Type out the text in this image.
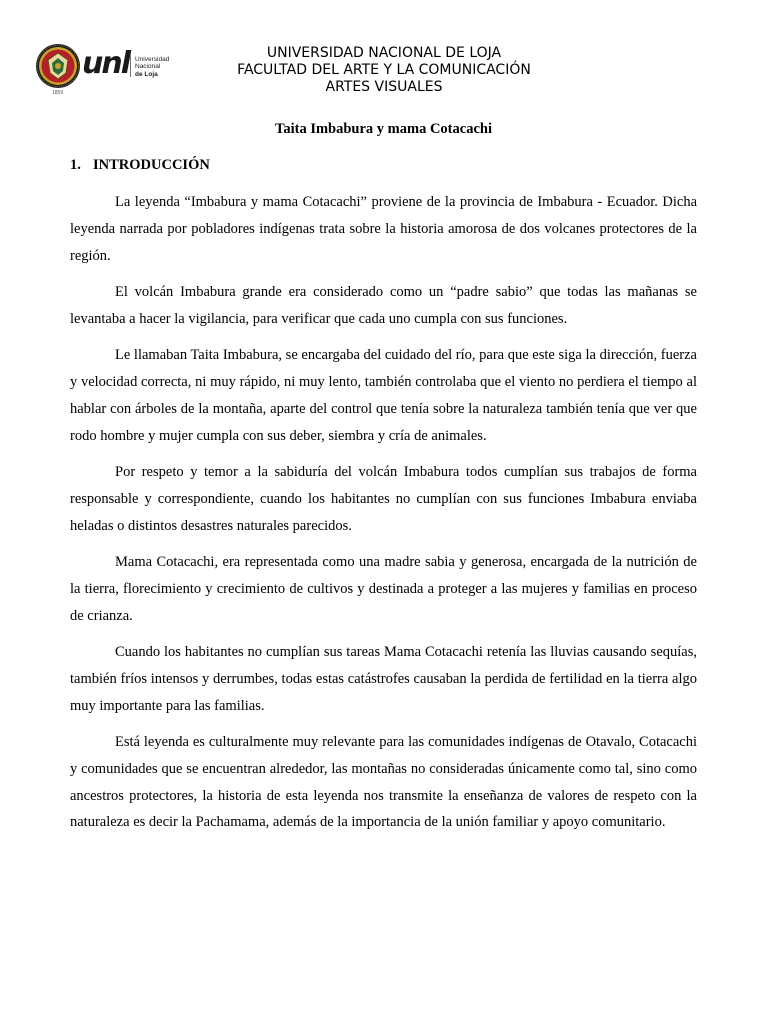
1859
unl Universidad
Nacional
de Loja
UNIVERSIDAD NACIONAL DE LOJA
FACULTAD DEL ARTE Y LA COMUNICACIÓN
ARTES VISUALES
Taita Imbabura y mama Cotacachi
1. INTRODUCCIÓN

La leyenda “Imbabura y mama Cotacachi” proviene de la provincia de Imbabura - Ecuador. Dicha leyenda narrada por pobladores indígenas trata sobre la historia amorosa de dos volcanes protectores de la región.

El volcán Imbabura grande era considerado como un “padre sabio” que todas las mañanas se levantaba a hacer la vigilancia, para verificar que cada uno cumpla con sus funciones.

Le llamaban Taita Imbabura, se encargaba del cuidado del río, para que este siga la dirección, fuerza y velocidad correcta, ni muy rápido, ni muy lento, también controlaba que el viento no perdiera el tiempo al hablar con árboles de la montaña, aparte del control que tenía sobre la naturaleza también tenía que ver que rodo hombre y mujer cumpla con sus deber, siembra y cría de animales.

Por respeto y temor a la sabiduría del volcán Imbabura todos cumplían sus trabajos de forma responsable y correspondiente, cuando los habitantes no cumplían con sus funciones Imbabura enviaba heladas o distintos desastres naturales parecidos.

Mama Cotacachi, era representada como una madre sabia y generosa, encargada de la nutrición de la tierra, florecimiento y crecimiento de cultivos y destinada a proteger a las mujeres y familias en proceso de crianza.

Cuando los habitantes no cumplían sus tareas Mama Cotacachi retenía las lluvias causando sequías, también fríos intensos y derrumbes, todas estas catástrofes causaban la perdida de fertilidad en la tierra algo muy importante para las familias.

Está leyenda es culturalmente muy relevante para las comunidades indígenas de Otavalo, Cotacachi y comunidades que se encuentran alrededor, las montañas no consideradas únicamente como tal, sino como ancestros protectores, la historia de esta leyenda nos transmite la enseñanza de valores de respeto con la naturaleza es decir la Pachamama, además de la importancia de la unión familiar y apoyo comunitario.
